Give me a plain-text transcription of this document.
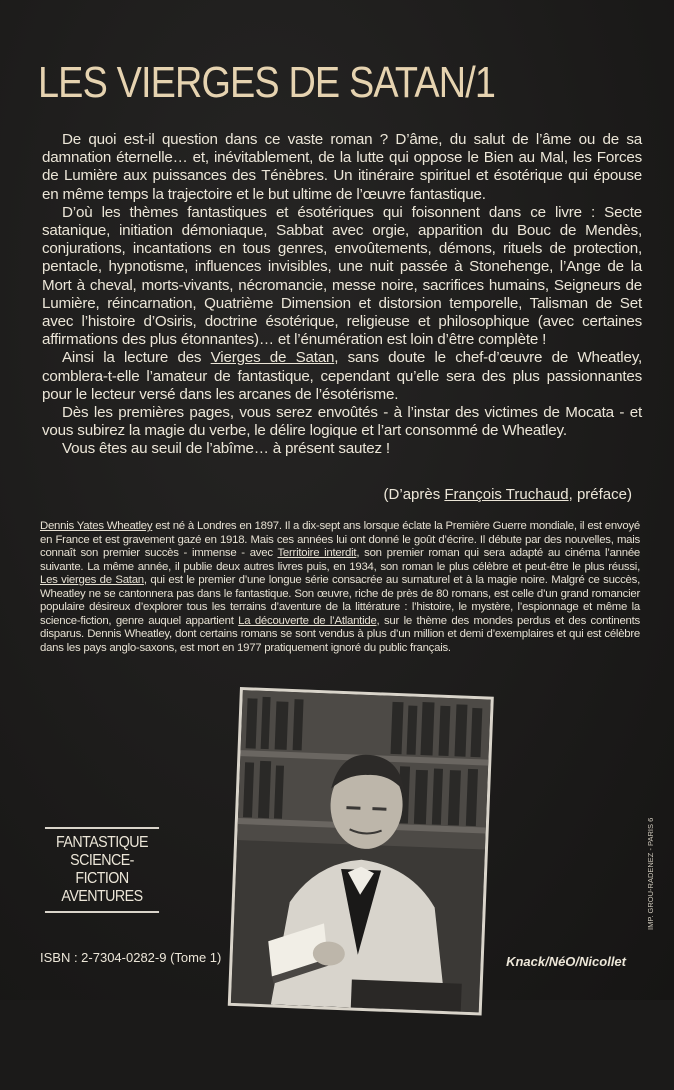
LES VIERGES DE SATAN/1

De quoi est-il question dans ce vaste roman ? D’âme, du salut de l’âme ou de sa damnation éternelle… et, inévitablement, de la lutte qui oppose le Bien au Mal, les Forces de Lumière aux puissances des Ténèbres. Un itinéraire spirituel et ésotérique qui épouse en même temps la trajectoire et le but ultime de l’œuvre fantastique.

D’où les thèmes fantastiques et ésotériques qui foisonnent dans ce livre : Secte satanique, initiation démoniaque, Sabbat avec orgie, apparition du Bouc de Mendès, conjurations, incantations en tous genres, envoûtements, démons, rituels de protection, pentacle, hypnotisme, influences invisibles, une nuit passée à Stonehenge, l’Ange de la Mort à cheval, morts-vivants, nécromancie, messe noire, sacrifices humains, Seigneurs de Lumière, réincarnation, Quatrième Dimension et distorsion temporelle, Talisman de Set avec l’histoire d’Osiris, doctrine ésotérique, religieuse et philosophique (avec certaines affirmations des plus étonnantes)… et l’énumération est loin d’être complète !

Ainsi la lecture des Vierges de Satan, sans doute le chef-d’œuvre de Wheatley, comblera-t-elle l’amateur de fantastique, cependant qu’elle sera des plus passionnantes pour le lecteur versé dans les arcanes de l’ésotérisme.

Dès les premières pages, vous serez envoûtés - à l’instar des victimes de Mocata - et vous subirez la magie du verbe, le délire logique et l’art consommé de Wheatley.

Vous êtes au seuil de l’abîme… à présent sautez !

(D’après François Truchaud, préface)

Dennis Yates Wheatley est né à Londres en 1897. Il a dix-sept ans lorsque éclate la Première Guerre mondiale, il est envoyé en France et est gravement gazé en 1918. Mais ces années lui ont donné le goût d’écrire. Il débute par des nouvelles, mais connaît son premier succès - immense - avec Territoire interdit, son premier roman qui sera adapté au cinéma l’année suivante. La même année, il publie deux autres livres puis, en 1934, son roman le plus célèbre et peut-être le plus réussi, Les vierges de Satan, qui est le premier d’une longue série consacrée au surnaturel et à la magie noire. Malgré ce succès, Wheatley ne se cantonnera pas dans le fantastique. Son œuvre, riche de près de 80 romans, est celle d’un grand romancier populaire désireux d’explorer tous les terrains d’aventure de la littérature : l’histoire, le mystère, l’espionnage et même la science-fiction, genre auquel appartient La découverte de l’Atlantide, sur le thème des mondes perdus et des continents disparus. Dennis Wheatley, dont certains romans se sont vendus à plus d’un million et demi d’exemplaires et qui est célèbre dans les pays anglo-saxons, est mort en 1977 pratiquement ignoré du public français.

FANTASTIQUE
SCIENCE-FICTION
AVENTURES
ISBN : 2-7304-0282-9 (Tome 1)	Knack/NéO/Nicollet
IMP. GROU-RADENEZ - PARIS 6
